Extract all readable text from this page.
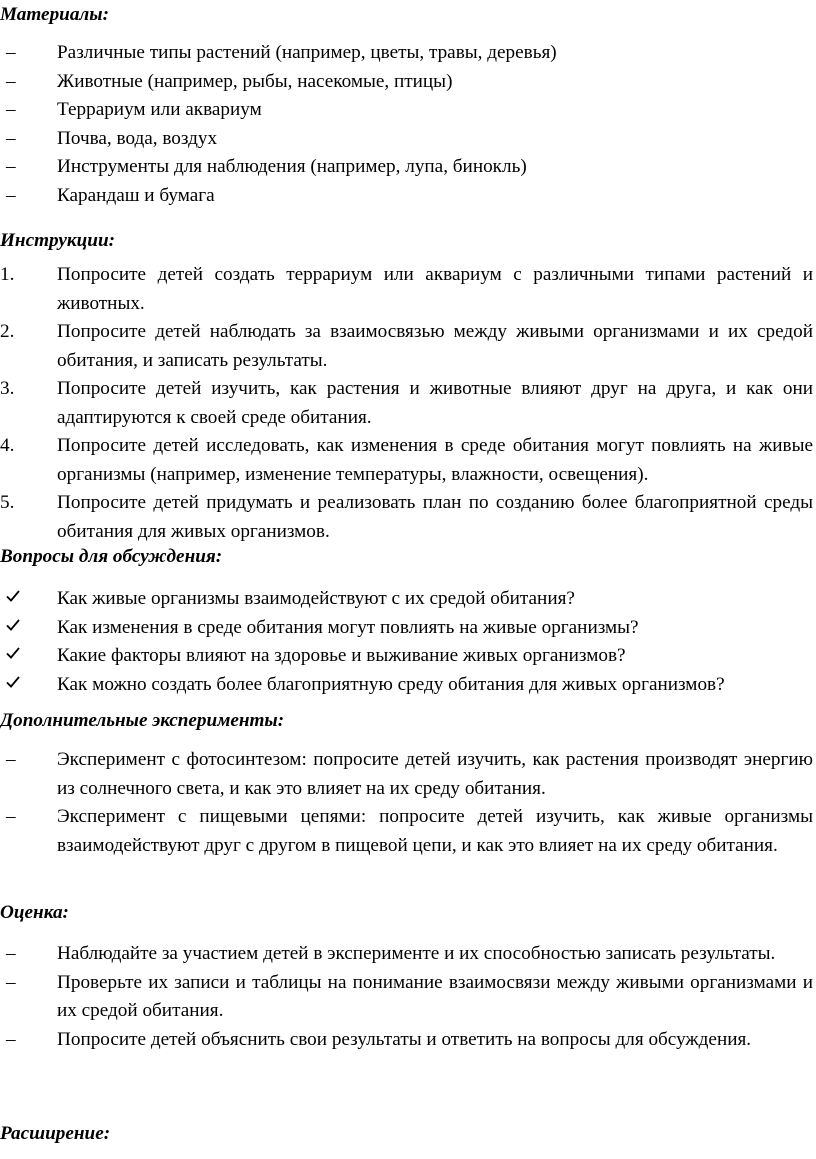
Материалы:
–	Различные типы растений (например, цветы, травы, деревья)
–	Животные (например, рыбы, насекомые, птицы)
–	Террариум или аквариум
–	Почва, вода, воздух
–	Инструменты для наблюдения (например, лупа, бинокль)
–	Карандаш и бумага
Инструкции:
1.	Попросите детей создать террариум или аквариум с различными типами растений и животных.
2.	Попросите детей наблюдать за взаимосвязью между живыми организмами и их средой обитания, и записать результаты.
3.	Попросите детей изучить, как растения и животные влияют друг на друга, и как они адаптируются к своей среде обитания.
4.	Попросите детей исследовать, как изменения в среде обитания могут повлиять на живые организмы (например, изменение температуры, влажности, освещения).
5.	Попросите детей придумать и реализовать план по созданию более благоприятной среды обитания для живых организмов.
Вопросы для обсуждения:
Как живые организмы взаимодействуют с их средой обитания?
Как изменения в среде обитания могут повлиять на живые организмы?
Какие факторы влияют на здоровье и выживание живых организмов?
Как можно создать более благоприятную среду обитания для живых организмов?
Дополнительные эксперименты:
–	Эксперимент с фотосинтезом: попросите детей изучить, как растения производят энергию из солнечного света, и как это влияет на их среду обитания.
–	Эксперимент с пищевыми цепями: попросите детей изучить, как живые организмы взаимодействуют друг с другом в пищевой цепи, и как это влияет на их среду обитания.
Оценка:
–	Наблюдайте за участием детей в эксперименте и их способностью записать результаты.
–	Проверьте их записи и таблицы на понимание взаимосвязи между живыми организмами и их средой обитания.
–	Попросите детей объяснить свои результаты и ответить на вопросы для обсуждения.
Расширение:
